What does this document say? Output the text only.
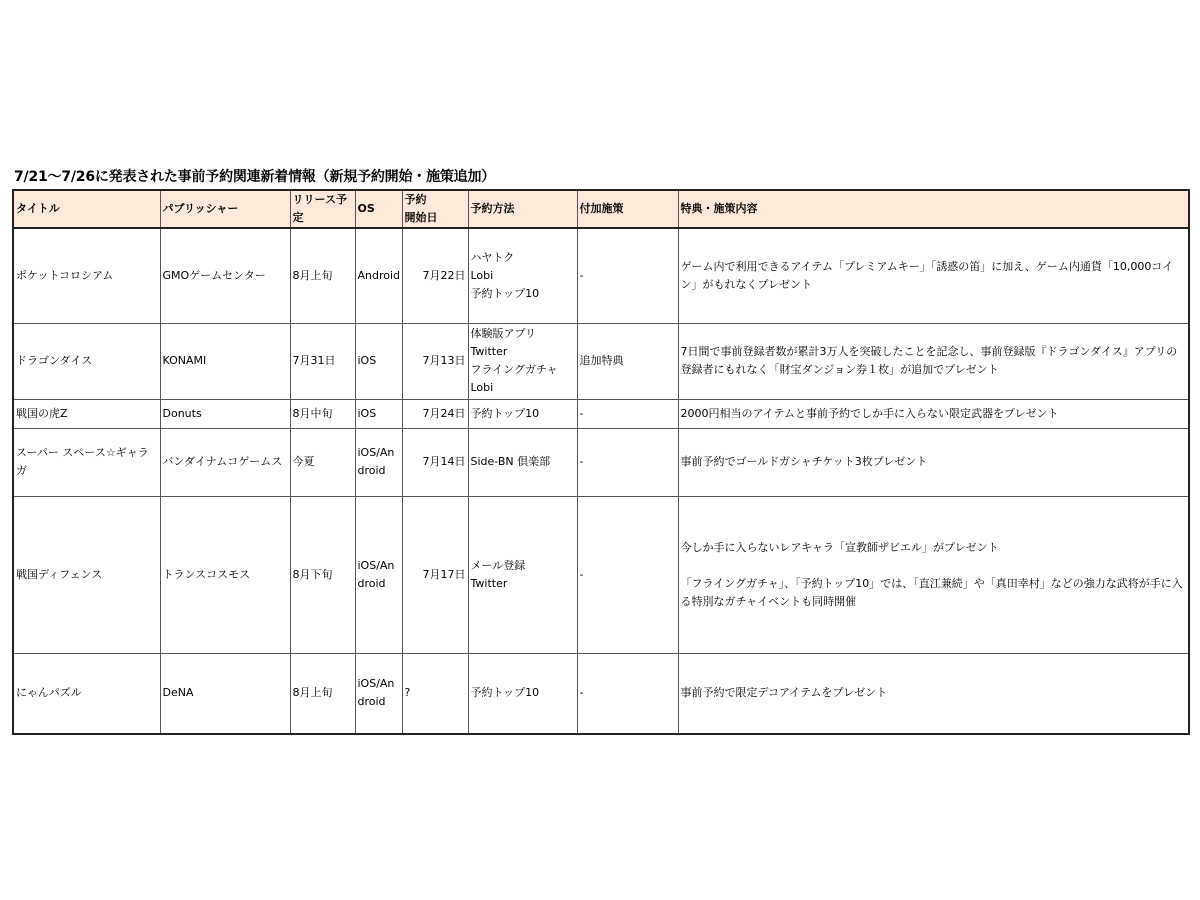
7/21〜7/26に発表された事前予約関連新着情報（新規予約開始・施策追加）
タイトル	パブリッシャー	リリース予定	OS	予約
開始日	予約方法	付加施策	特典・施策内容
ポケットコロシアム	GMOゲームセンター	8月上旬	Android	7月22日	ハヤトク
Lobi
予約トップ10	-	ゲーム内で利用できるアイテム「プレミアムキー」「誘惑の笛」に加え、ゲーム内通貨「10,000コイン」がもれなくプレゼント

ドラゴンダイス	KONAMI	7月31日	iOS	7月13日	体験版アプリ
Twitter
フライングガチャ
Lobi	追加特典	7日間で事前登録者数が累計3万人を突破したことを記念し、事前登録版『ドラゴンダイス』アプリの登録者にもれなく「財宝ダンジョン券１枚」が追加でプレゼント

戦国の虎Z	Donuts	8月中旬	iOS	7月24日	予約トップ10	-	2000円相当のアイテムと事前予約でしか手に入らない限定武器をプレゼント

スーパー スペース☆ギャラガ	バンダイナムコゲームス	今夏	iOS/Android	7月14日	Side-BN 倶楽部	-	事前予約でゴールドガシャチケット3枚プレゼント

戦国ディフェンス	トランスコスモス	8月下旬	iOS/Android	7月17日	メール登録
Twitter	-	今しか手に入らないレアキャラ「宣教師ザビエル」がプレゼント
「フライングガチャ」、「予約トップ10」では、「直江兼続」や「真田幸村」などの強力な武将が手に入る特別なガチャイベントも同時開催

にゃんパズル	DeNA	8月上旬	iOS/Android	?	予約トップ10	-	事前予約で限定デコアイテムをプレゼント
